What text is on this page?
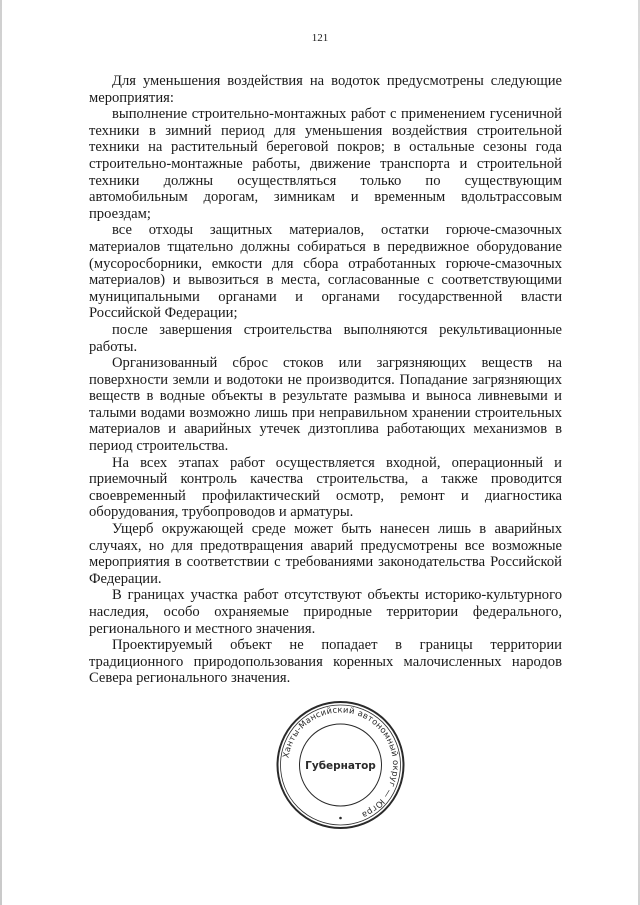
121

Для уменьшения воздействия на водоток предусмотрены следующие мероприятия:

выполнение строительно-монтажных работ с применением гусеничной техники в зимний период для уменьшения воздействия строительной техники на растительный береговой покров; в остальные сезоны года строительно-монтажные работы, движение транспорта и строительной техники должны осуществляться только по существующим автомобильным дорогам, зимникам и временным вдольтрассовым проездам;

все отходы защитных материалов, остатки горюче-смазочных материалов тщательно должны собираться в передвижное оборудование (мусоросборники, емкости для сбора отработанных горюче-смазочных материалов) и вывозиться в места, согласованные с соответствующими муниципальными органами и органами государственной власти Российской Федерации;

после завершения строительства выполняются рекультивационные работы.

Организованный сброс стоков или загрязняющих веществ на поверхности земли и водотоки не производится. Попадание загрязняющих веществ в водные объекты в результате размыва и выноса ливневыми и талыми водами возможно лишь при неправильном хранении строительных материалов и аварийных утечек дизтоплива работающих механизмов в период строительства.

На всех этапах работ осуществляется входной, операционный и приемочный контроль качества строительства, а также проводится своевременный профилактический осмотр, ремонт и диагностика оборудования, трубопроводов и арматуры.

Ущерб окружающей среде может быть нанесен лишь в аварийных случаях, но для предотвращения аварий предусмотрены все возможные мероприятия в соответствии с требованиями законодательства Российской Федерации.

В границах участка работ отсутствуют объекты историко-культурного наследия, особо охраняемые природные территории федерального, регионального и местного значения.

Проектируемый объект не попадает в границы территории традиционного природопользования коренных малочисленных народов Севера регионального значения.

Ханты-Мансийский автономный округ — Югра
Губернатор
